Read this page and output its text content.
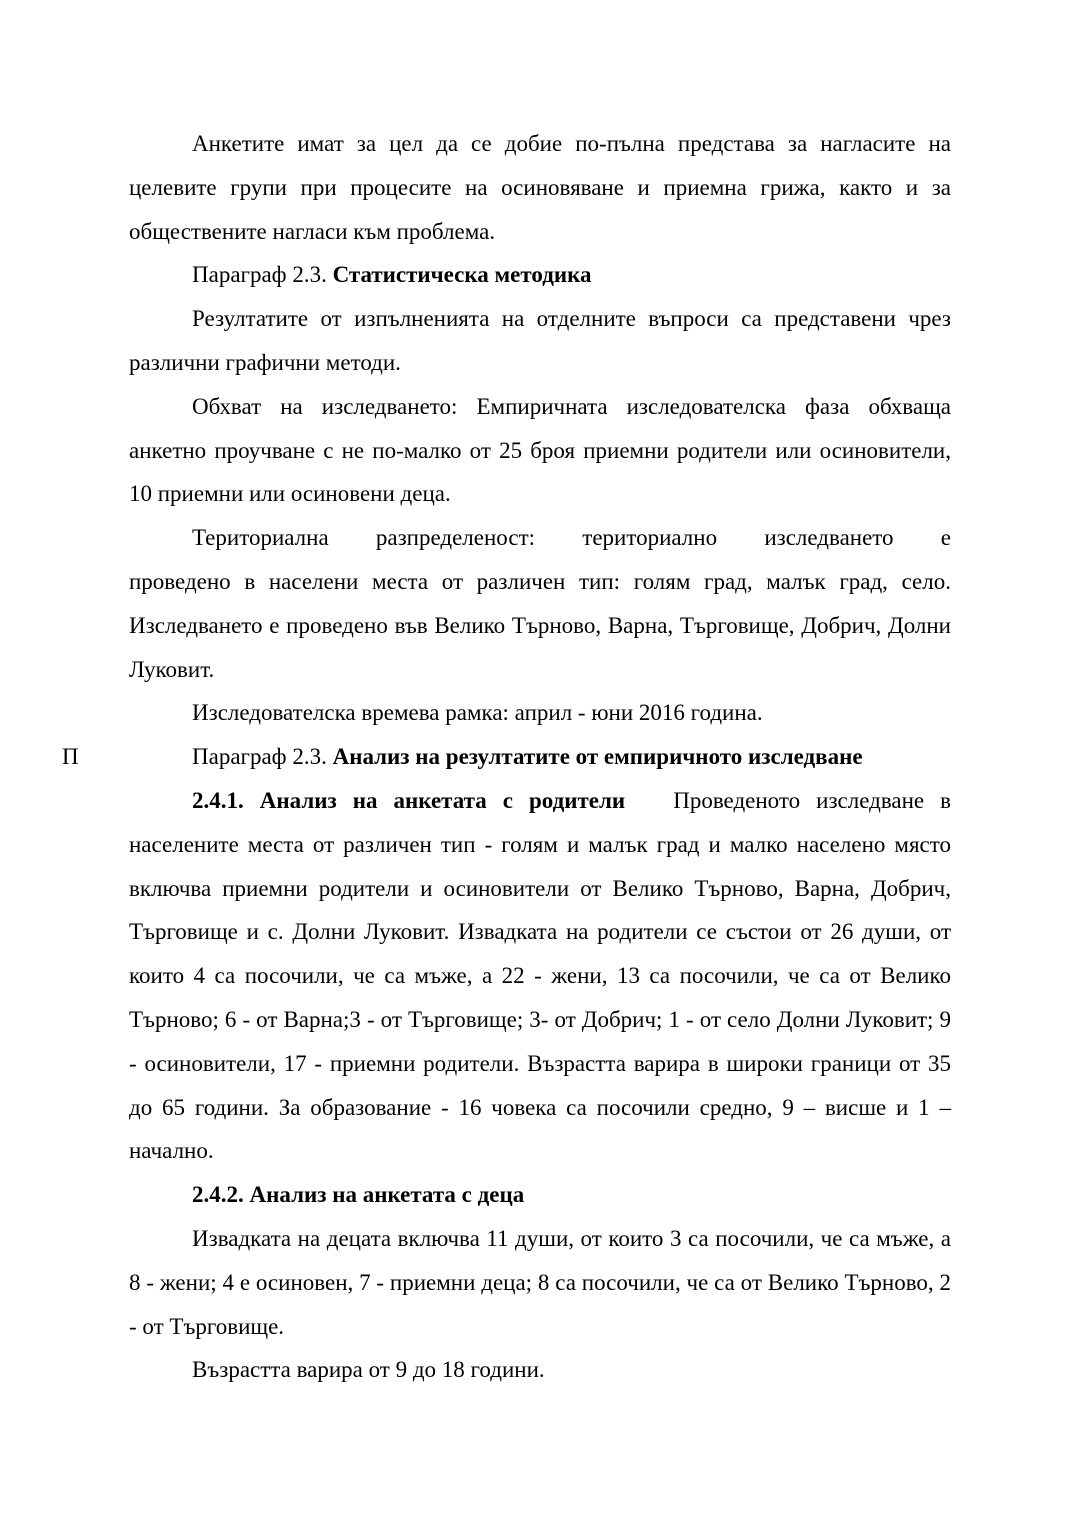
П

Анкетите имат за цел да се добие по-пълна представа за нагласите на целевите групи при процесите на осиновяване и приемна грижа, както и за обществените нагласи към проблема.

Параграф 2.3. Статистическа методика

Резултатите от изпълненията на отделните въпроси са представени чрез различни графични методи.

Обхват на изследването: Емпиричната изследователска фаза обхваща анкетно проучване с не по-малко от 25 броя приемни родители или осиновители, 10 приемни или осиновени деца.

Териториална разпределеност: териториално изследването е

проведено в населени места от различен тип: голям град, малък град, село. Изследването е проведено във Велико Търново, Варна, Търговище, Добрич, Долни Луковит.

Изследователска времева рамка: април - юни 2016 година.

Параграф 2.3. Анализ на резултатите от емпиричното изследване

2.4.1. Анализ на анкетата с родители Проведеното изследване в населените места от различен тип - голям и малък град и малко населено място включва приемни родители и осиновители от Велико Търново, Варна, Добрич, Търговище и с. Долни Луковит. Извадката на родители се състои от 26 души, от които 4 са посочили, че са мъже, а 22 - жени, 13 са посочили, че са от Велико Търново; 6 - от Варна;3 - от Търговище; 3- от Добрич; 1 - от село Долни Луковит; 9 - осиновители, 17 - приемни родители. Възрастта варира в широки граници от 35 до 65 години. За образование - 16 човека са посочили средно, 9 – висше и 1 – начално.

2.4.2. Анализ на анкетата с деца

Извадката на децата включва 11 души, от които 3 са посочили, че са мъже, а 8 - жени; 4 е осиновен, 7 - приемни деца; 8 са посочили, че са от Велико Търново, 2 - от Търговище.

Възрастта варира от 9 до 18 години.
